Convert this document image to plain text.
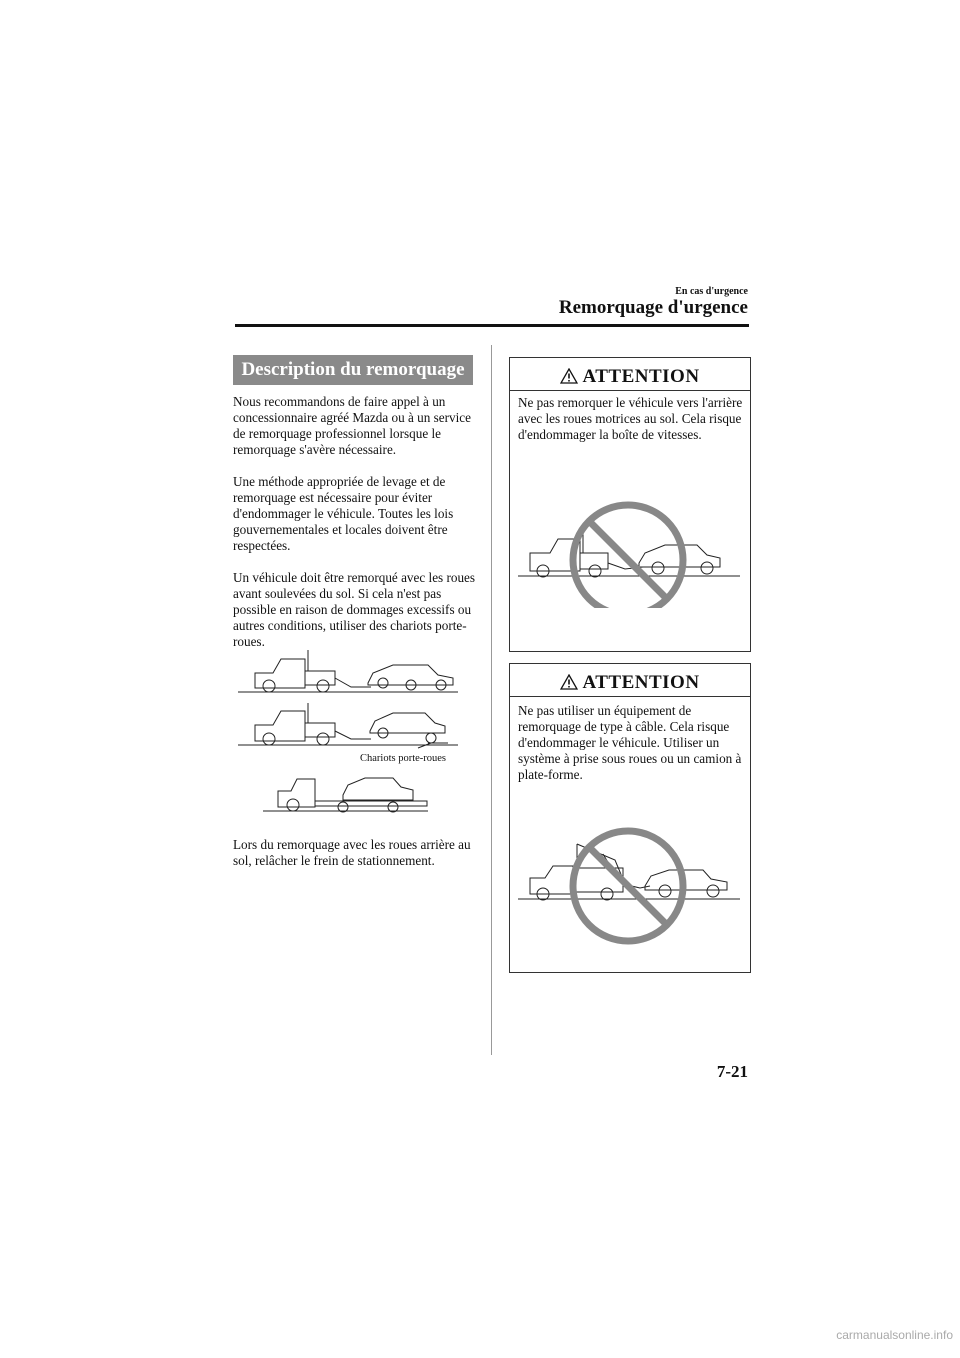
En cas d'urgence
Remorquage d'urgence
Description du remorquage
Nous recommandons de faire appel à un concessionnaire agréé Mazda ou à un service de remorquage professionnel lorsque le remorquage s'avère nécessaire.
Une méthode appropriée de levage et de remorquage est nécessaire pour éviter d'endommager le véhicule. Toutes les lois gouvernementales et locales doivent être respectées.
Un véhicule doit être remorqué avec les roues avant soulevées du sol. Si cela n'est pas possible en raison de dommages excessifs ou autres conditions, utiliser des chariots porte-roues.
Chariots porte-roues
Lors du remorquage avec les roues arrière au sol, relâcher le frein de stationnement.
ATTENTION
Ne pas remorquer le véhicule vers l'arrière avec les roues motrices au sol. Cela risque d'endommager la boîte de vitesses.
ATTENTION
Ne pas utiliser un équipement de remorquage de type à câble. Cela risque d'endommager le véhicule. Utiliser un système à prise sous roues ou un camion à plate-forme.
7-21
carmanualsonline.info
